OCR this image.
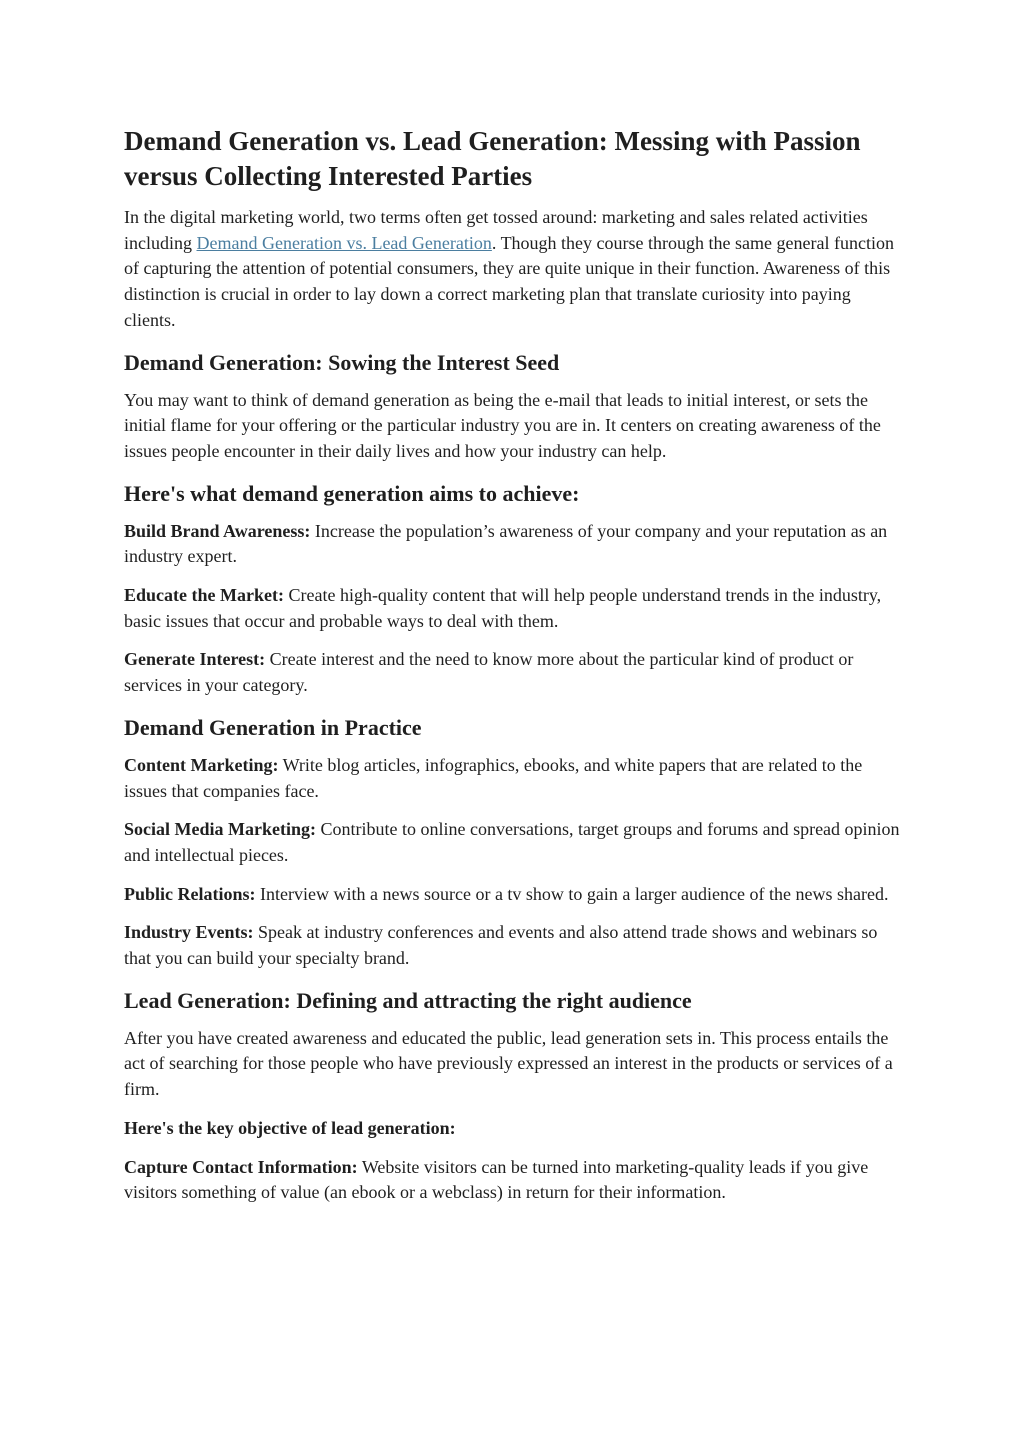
Demand Generation vs. Lead Generation: Messing with Passion versus Collecting Interested Parties

In the digital marketing world, two terms often get tossed around: marketing and sales related activities including Demand Generation vs. Lead Generation. Though they course through the same general function of capturing the attention of potential consumers, they are quite unique in their function. Awareness of this distinction is crucial in order to lay down a correct marketing plan that translate curiosity into paying clients.

Demand Generation: Sowing the Interest Seed

You may want to think of demand generation as being the e-mail that leads to initial interest, or sets the initial flame for your offering or the particular industry you are in. It centers on creating awareness of the issues people encounter in their daily lives and how your industry can help.

Here's what demand generation aims to achieve:

Build Brand Awareness: Increase the population’s awareness of your company and your reputation as an industry expert.

Educate the Market: Create high-quality content that will help people understand trends in the industry, basic issues that occur and probable ways to deal with them.

Generate Interest: Create interest and the need to know more about the particular kind of product or services in your category.

Demand Generation in Practice

Content Marketing: Write blog articles, infographics, ebooks, and white papers that are related to the issues that companies face.

Social Media Marketing: Contribute to online conversations, target groups and forums and spread opinion and intellectual pieces.

Public Relations: Interview with a news source or a tv show to gain a larger audience of the news shared.

Industry Events: Speak at industry conferences and events and also attend trade shows and webinars so that you can build your specialty brand.

Lead Generation: Defining and attracting the right audience

After you have created awareness and educated the public, lead generation sets in. This process entails the act of searching for those people who have previously expressed an interest in the products or services of a firm.

Here's the key objective of lead generation:

Capture Contact Information: Website visitors can be turned into marketing-quality leads if you give visitors something of value (an ebook or a webclass) in return for their information.
